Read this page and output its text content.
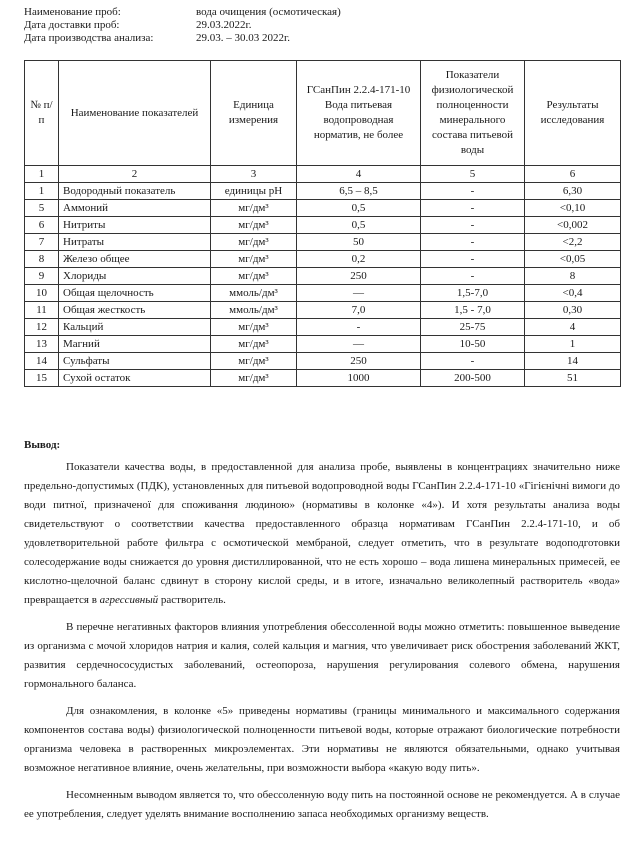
Наименование проб:	вода очищения (осмотическая)
Дата доставки проб:	29.03.2022г.
Дата производства анализа:	29.03. – 30.03 2022г.
№ п/п	Наименование показателей	Единица измерения	ГСанПин 2.2.4-171-10 Вода питьевая водопроводная норматив, не более	Показатели физиологической полноценности минерального состава питьевой воды	Результаты исследования
1	2	3	4	5	6
1	Водородный показатель	единицы рН	6,5 – 8,5	-	6,30
5	Аммоний	мг/дм³	0,5	-	<0,10
6	Нитриты	мг/дм³	0,5	-	<0,002
7	Нитраты	мг/дм³	50	-	<2,2
8	Железо общее	мг/дм³	0,2	-	<0,05
9	Хлориды	мг/дм³	250	-	8
10	Общая щелочность	ммоль/дм³	—	1,5-7,0	<0,4
11	Общая жесткость	ммоль/дм³	7,0	1,5 - 7,0	0,30
12	Кальций	мг/дм³	-	25-75	4
13	Магний	мг/дм³	—	10-50	1
14	Сульфаты	мг/дм³	250	-	14
15	Сухой остаток	мг/дм³	1000	200-500	51
Вывод:

Показатели качества воды, в предоставленной для анализа пробе, выявлены в концентрациях значительно ниже предельно-допустимых (ПДК), установленных для питьевой водопроводной воды ГСанПин 2.2.4-171-10 «Гігієнічні вимоги до води питної, призначеної для споживання людиною» (нормативы в колонке «4»). И хотя результаты анализа воды свидетельствуют о соответствии качества предоставленного образца нормативам ГСанПин 2.2.4-171-10, и об удовлетворительной работе фильтра с осмотической мембраной, следует отметить, что в результате водоподготовки солесодержание воды снижается до уровня дистиллированной, что не есть хорошо – вода лишена минеральных примесей, ее кислотно-щелочной баланс сдвинут в сторону кислой среды, и в итоге, изначально великолепный растворитель «вода» превращается в агрессивный растворитель.

В перечне негативных факторов влияния употребления обессоленной воды можно отметить: повышенное выведение из организма с мочой хлоридов натрия и калия, солей кальция и магния, что увеличивает риск обострения заболеваний ЖКТ, развития сердечнососудистых заболеваний, остеопороза, нарушения регулирования солевого обмена, нарушения гормонального баланса.

Для ознакомления, в колонке «5» приведены нормативы (границы минимального и максимального содержания компонентов состава воды) физиологической полноценности питьевой воды, которые отражают биологические потребности организма человека в растворенных микроэлементах. Эти нормативы не являются обязательными, однако учитывая возможное негативное влияние, очень желательны, при возможности выбора «какую воду пить».

Несомненным выводом является то, что обессоленную воду пить на постоянной основе не рекомендуется. А в случае ее употребления, следует уделять внимание восполнению запаса необходимых организму веществ.
